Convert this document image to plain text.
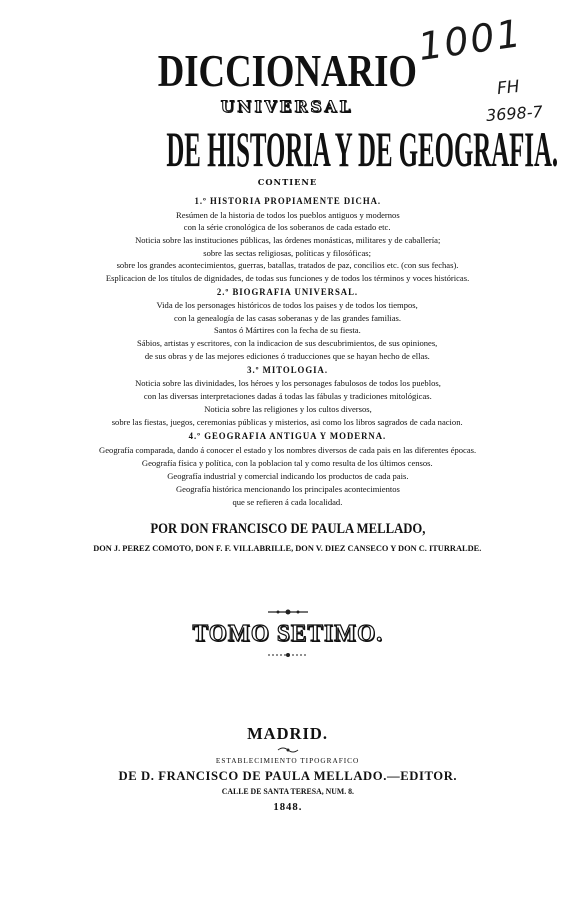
1001
FH
3698-7
DICCIONARIO
UNIVERSAL
DE HISTORIA Y DE GEOGRAFIA.
CONTIENE
1.º HISTORIA PROPIAMENTE DICHA.
Resúmen de la historia de todos los pueblos antiguos y modernos
con la série cronológica de los soberanos de cada estado etc.
Noticia sobre las instituciones públicas, las órdenes monásticas, militares y de caballería;
sobre las sectas religiosas, políticas y filosóficas;
sobre los grandes acontecimientos, guerras, batallas, tratados de paz, concilios etc. (con sus fechas).
Esplicacion de los títulos de dignidades, de todas sus funciones y de todos los términos y voces históricas.
2.º BIOGRAFIA UNIVERSAL.
Vida de los personages históricos de todos los paises y de todos los tiempos,
con la genealogía de las casas soberanas y de las grandes familias.
Santos ó Mártires con la fecha de su fiesta.
Sábios, artistas y escritores, con la indicacion de sus descubrimientos, de sus opiniones,
de sus obras y de las mejores ediciones ó traducciones que se hayan hecho de ellas.
3.º MITOLOGIA.
Noticia sobre las divinidades, los héroes y los personages fabulosos de todos los pueblos,
con las diversas interpretaciones dadas á todas las fábulas y tradiciones mitológicas.
Noticia sobre las religiones y los cultos diversos,
sobre las fiestas, juegos, ceremonias públicas y misterios, asi como los libros sagrados de cada nacion.
4.º GEOGRAFIA ANTIGUA Y MODERNA.
Geografía comparada, dando á conocer el estado y los nombres diversos de cada pais en las diferentes épocas.
Geografía física y política, con la poblacion tal y como resulta de los últimos censos.
Geografía industrial y comercial indicando los productos de cada pais.
Geografía histórica mencionando los principales acontecimientos
que se refieren á cada localidad.
POR DON FRANCISCO DE PAULA MELLADO,
DON J. PEREZ COMOTO, DON F. F. VILLABRILLE, DON V. DIEZ CANSECO Y DON C. ITURRALDE.
TOMO SETIMO.
MADRID.
ESTABLECIMIENTO TIPOGRAFICO
DE D. FRANCISCO DE PAULA MELLADO.—EDITOR.
CALLE DE SANTA TERESA, NUM. 8.
1848.
